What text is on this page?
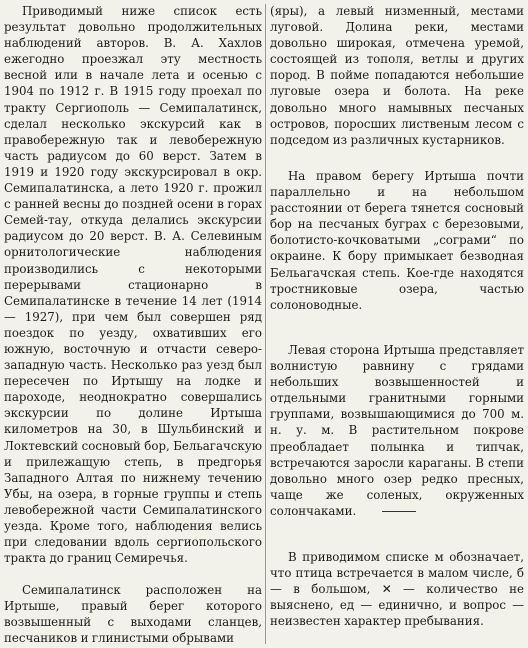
Приводимый ниже список есть результат довольно продолжительных наблюдений авторов. В. А. Хахлов ежегодно проезжал эту местность весной или в начале лета и осенью с 1904 по 1912 г. В 1915 году проехал по тракту Сергиополь — Семипалатинск, сделал несколько экскурсий как в правобережную так и левобережную часть радиусом до 60 верст. Затем в 1919 и 1920 году экскурсировал в окр. Семипалатинска, а лето 1920 г. прожил с ранней весны до поздней осени в горах Семей-тау, откуда делались экскурсии радиусом до 20 верст. В. А. Селевиным орнитологические наблюдения производились с некоторыми перерывами стационарно в Семипалатинске в течение 14 лет (1914 — 1927), при чем был совершен ряд поездок по уезду, охвативших его южную, восточную и отчасти северо-западную часть. Несколько раз уезд был пересечен по Иртышу на лодке и пароходе, неоднократно совершались экскурсии по долине Иртыша километров на 30, в Шульбинский и Локтевский сосновый бор, Бельагачскую и прилежащую степь, в предгорья Западного Алтая по нижнему течению Убы, на озера, в горные группы и степь левобережной части Семипалатинского уезда. Кроме того, наблюдения велись при следовании вдоль сергиопольского тракта до границ Семиречья.

Семипалатинск расположен на Иртыше, правый берег которого возвышенный с выходами сланцев, песчаников и глинистыми обрывами

(яры), а левый низменный, местами луговой. Долина реки, местами довольно широкая, отмечена уремой, состоящей из тополя, ветлы и других пород. В пойме попадаются небольшие луговые озера и болота. На реке довольно много намывных песчаных островов, поросших лиственым лесом с подседом из различных кустарников.

На правом берегу Иртыша почти параллельно и на небольшом расстоянии от берега тянется сосновый бор на песчаных буграх с березовыми, болотисто-кочковатыми „сограми“ по окраине. К бору примыкает безводная Бельагачская степь. Кое-где находятся тростниковые озера, частью солоноводные.

Левая сторона Иртыша представляет волнистую равнину с грядами небольших возвышенностей и отдельными гранитными горными группами, возвышающимися до 700 м. н. у. м. В растительном покрове преобладает полынка и типчак, встречаются заросли караганы. В степи довольно много озер редко пресных, чаще же соленых, окруженных солончаками.

В приводимом списке м обозначает, что птица встречается в малом числе, б — в большом, ✕ — количество не выяснено, ед — единично, и вопрос — неизвестен характер пребывания.
